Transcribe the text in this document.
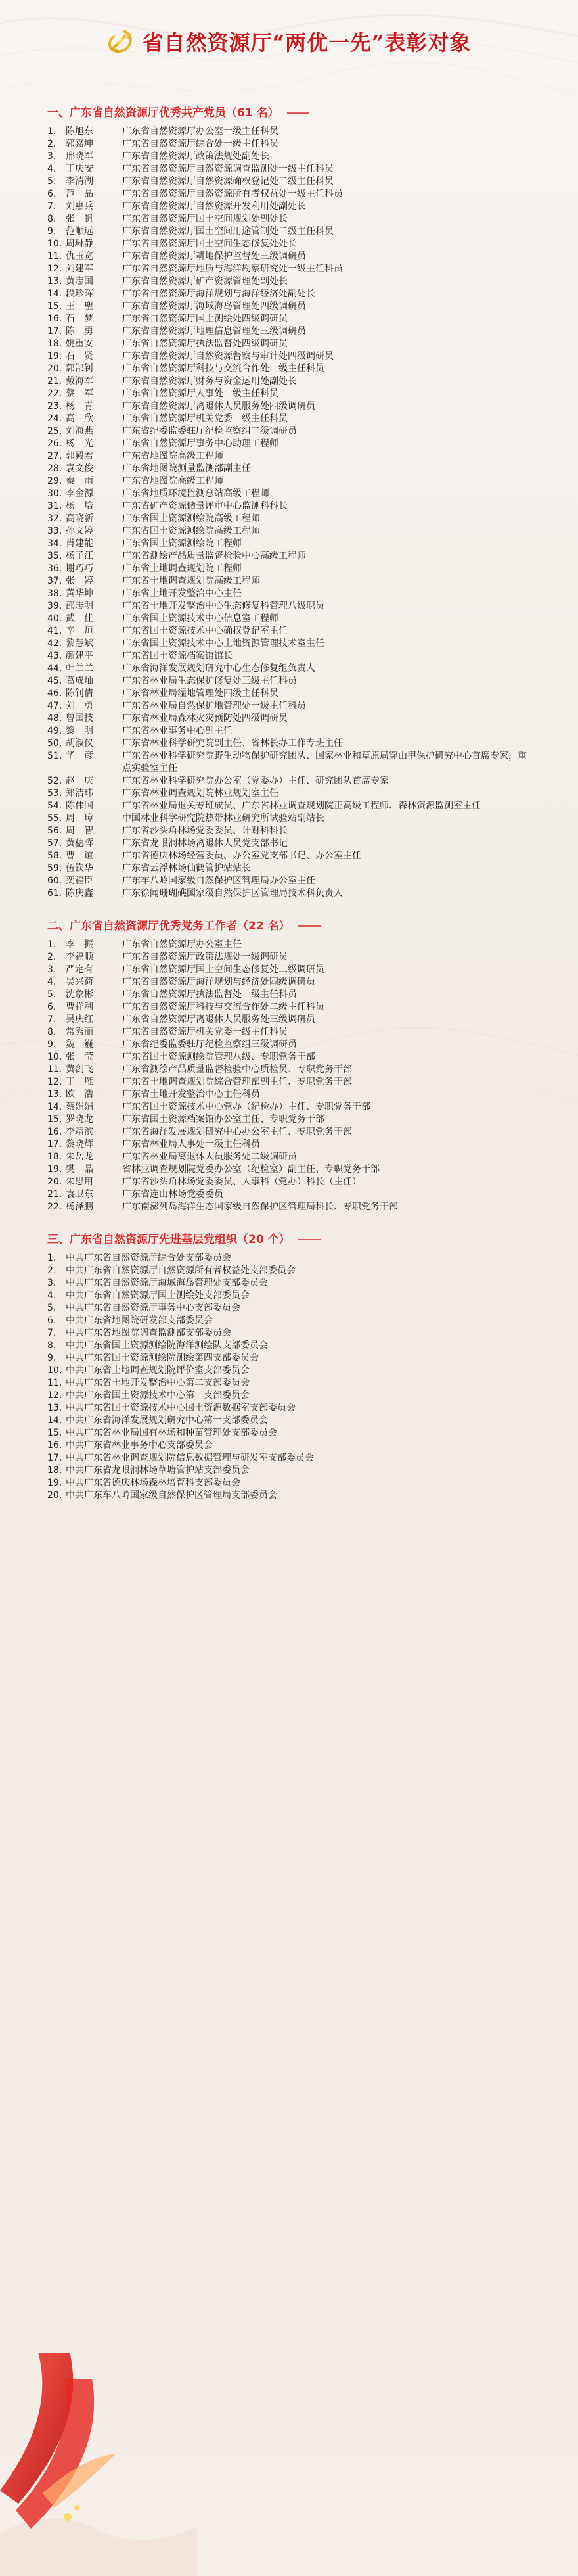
省自然资源厅“两优一先”表彰对象
一、广东省自然资源厅优秀共产党员（61 名）
1.	陈旭东	广东省自然资源厅办公室一级主任科员
2.	郭嘉坤	广东省自然资源厅综合处一级主任科员
3.	邢晓军	广东省自然资源厅政策法规处副处长
4.	丁庆安	广东省自然资源厅自然资源调查监测处一级主任科员
5.	李清湖	广东省自然资源厅自然资源确权登记处二级主任科员
6.	范　晶	广东省自然资源厅自然资源所有者权益处一级主任科员
7.	刘惠兵	广东省自然资源厅自然资源开发利用处副处长
8.	张　帆	广东省自然资源厅国土空间规划处副处长
9.	范顺远	广东省自然资源厅国土空间用途管制处二级主任科员
10. 周琳静	广东省自然资源厅国土空间生态修复处处长
11. 仇玉宽	广东省自然资源厅耕地保护监督处三级调研员
12. 刘建军	广东省自然资源厅地质与海洋勘察研究处一级主任科员
13. 黄志国	广东省自然资源厅矿产资源管理处副处长
14. 段珍晖	广东省自然资源厅海洋规划与海洋经济处副处长
15. 王　聖	广东省自然资源厅海域海岛管理处四级调研员
16. 石　梦	广东省自然资源厅国土测绘处四级调研员
17. 陈　勇	广东省自然资源厅地理信息管理处三级调研员
18. 姚重安	广东省自然资源厅执法监督处四级调研员
19. 石　贤	广东省自然资源厅自然资源督察与审计处四级调研员
20. 郭郜钊	广东省自然资源厅科技与交流合作处一级主任科员
21. 戴海军	广东省自然资源厅财务与资金运用处副处长
22. 蔡　军	广东省自然资源厅人事处一级主任科员
23. 杨　青	广东省自然资源厅离退休人员服务处四级调研员
24. 高　欣	广东省自然资源厅机关党委一级主任科员
25. 刘海燕	广东省纪委监委驻厅纪检监察组二级调研员
26. 杨　光	广东省自然资源厅事务中心助理工程师
27. 郭殿君	广东省地图院高级工程师
28. 袁文俊	广东省地图院测量监测部副主任
29. 秦　雨	广东省地图院高级工程师
30. 李金源	广东省地质环境监测总站高级工程师
31. 杨　培	广东省矿产资源储量评审中心监测科科长
32. 高晓新	广东省国土资源测绘院高级工程师
33. 孙文婷	广东省国土资源测绘院高级工程师
34. 肖建能	广东省国土资源测绘院工程师
35. 杨子江	广东省测绘产品质量监督检验中心高级工程师
36. 谢巧巧	广东省土地调查规划院工程师
37. 张　婷	广东省土地调查规划院高级工程师
38. 黄华坤	广东省土地开发整治中心主任
39. 邵志明	广东省土地开发整治中心生态修复科管理八级职员
40. 武　佳	广东省国土资源技术中心信息室工程师
41. 辛　烜	广东省国土资源技术中心确权登记室主任
42. 黎慧斌	广东省国土资源技术中心土地资源管理技术室主任
43. 颜建平	广东省国土资源档案馆馆长
44. 韩兰兰	广东省海洋发展规划研究中心生态修复组负责人
45. 葛成灿	广东省林业局生态保护修复处三级主任科员
46. 陈钊倩	广东省林业局湿地管理处四级主任科员
47. 刘　勇	广东省林业局自然保护地管理处一级主任科员
48. 曾国技	广东省林业局森林火灾预防处四级调研员
49. 黎　明	广东省林业事务中心副主任
50. 胡淑仪	广东省林业科学研究院副主任、省林长办工作专班主任
51. 华　彦	广东省林业科学研究院野生动物保护研究团队、国家林业和草原局穿山甲保护研究中心首席专家，重点实验室主任
52. 赵　庆	广东省林业科学研究院办公室（党委办）主任、研究团队首席专家
53. 郑洁玮	广东省林业调查规划院林业规划室主任
54. 陈伟国	广东省林业局退关专班成员、广东省林业调查规划院正高级工程师、森林资源监测室主任
55. 周　璋	中国林业科学研究院热带林业研究所试验站副站长
56. 周　智	广东省沙头角林场党委委员、计财科科长
57. 黄穗晖	广东省龙眼洞林场离退休人员党支部书记
58. 曹　谊	广东省德庆林场经营委员、办公室党支部书记、办公室主任
59. 伍钦华	广东省云浮林场仙鹤管护站站长
60. 奕福臣	广东车八岭国家级自然保护区管理局办公室主任
61. 陈庆鑫	广东徐闻珊瑚礁国家级自然保护区管理局技术科负责人
二、广东省自然资源厅优秀党务工作者（22 名）
1.	李　振	广东省自然资源厅办公室主任
2.	李福顺	广东省自然资源厅政策法规处一级调研员
3.	严定有	广东省自然资源厅国土空间生态修复处二级调研员
4.	吴兴荷	广东省自然资源厅海洋规划与经济处四级调研员
5.	沈象彬	广东省自然资源厅执法监督处一级主任科员
6.	曹祥利	广东省自然资源厅科技与交流合作处二级主任科员
7.	吴庆红	广东省自然资源厅离退休人员服务处三级调研员
8.	常秀丽	广东省自然资源厅机关党委一级主任科员
9.	魏　巍	广东省纪委监委驻厅纪检监察组三级调研员
10. 张　莹	广东省国土资源测绘院管理八级、专职党务干部
11. 黄剑飞	广东省测绘产品质量监督检验中心质检员、专职党务干部
12. 丁　雁	广东省土地调查规划院综合管理部副主任、专职党务干部
13. 欧　浩	广东省土地开发整治中心主任科员
14. 蔡娟娟	广东省国土资源技术中心党办（纪检办）主任、专职党务干部
15. 罗晓龙	广东省国土资源档案馆办公室主任、专职党务干部
16. 李靖滨	广东省海洋发展规划研究中心办公室主任、专职党务干部
17. 黎晓辉	广东省林业局人事处一级主任科员
18. 朱岳龙	广东省林业局离退休人员服务处二级调研员
19. 樊　晶	省林业调查规划院党委办公室（纪检室）副主任、专职党务干部
20. 朱思用	广东省沙头角林场党委委员、人事科（党办）科长（主任）
21. 袁卫东	广东省连山林场党委委员
22. 杨泽鹏	广东南澎列岛海洋生态国家级自然保护区管理局科长、专职党务干部
三、广东省自然资源厅先进基层党组织（20 个）
1.	中共广东省自然资源厅综合处支部委员会
2.	中共广东省自然资源厅自然资源所有者权益处支部委员会
3.	中共广东省自然资源厅海域海岛管理处支部委员会
4.	中共广东省自然资源厅国土测绘处支部委员会
5.	中共广东省自然资源厅事务中心支部委员会
6.	中共广东省地图院研发部支部委员会
7.	中共广东省地图院调查监测部支部委员会
8.	中共广东省国土资源测绘院海洋测绘队支部委员会
9.	中共广东省国土资源测绘院测绘第四支部委员会
10. 中共广东省土地调查规划院评价室支部委员会
11. 中共广东省土地开发整治中心第二支部委员会
12. 中共广东省国土资源技术中心第二支部委员会
13. 中共广东省国土资源技术中心国土资源数据室支部委员会
14. 中共广东省海洋发展规划研究中心第一支部委员会
15. 中共广东省林业局国有林场和种苗管理处支部委员会
16. 中共广东省林业事务中心支部委员会
17. 中共广东省林业调查规划院信息数据管理与研发室支部委员会
18. 中共广东省龙眼洞林场草塘管护站支部委员会
19. 中共广东省德庆林场森林培育科支部委员会
20. 中共广东车八岭国家级自然保护区管理局支部委员会
